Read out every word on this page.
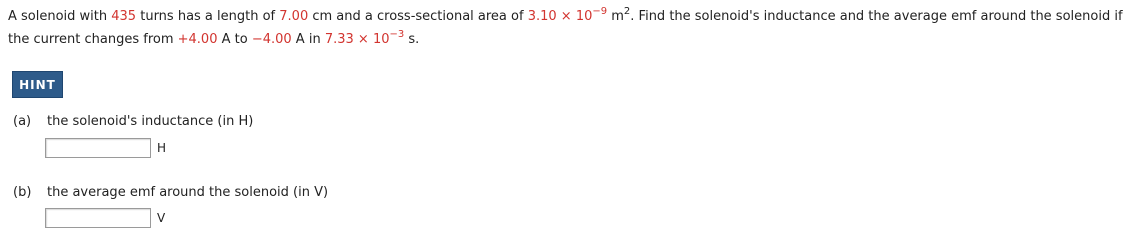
A solenoid with 435 turns has a length of 7.00 cm and a cross-sectional area of $3.10 \times 10^{-9}$ $m^2$. Find the solenoid's inductance and the average emf around the solenoid if
the current changes from +4.00 A to −4.00 A in $7.33 \times 10^{-3}$ s.
HINT
(a) the solenoid's inductance (in H)
H
(b) the average emf around the solenoid (in V)
V
